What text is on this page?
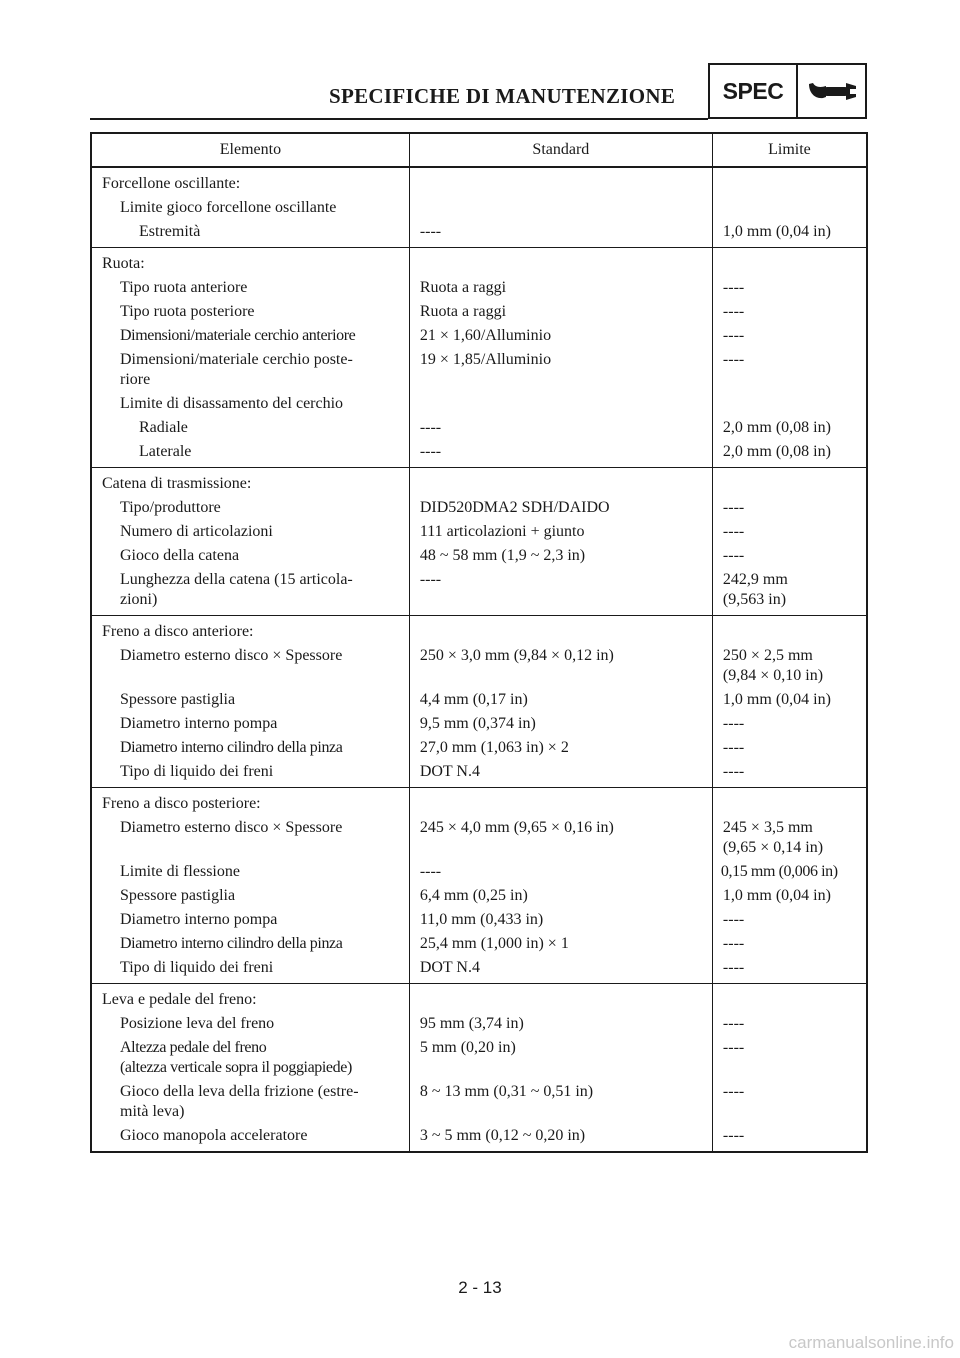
SPECIFICHE DI MANUTENZIONE	SPEC
Elemento	Standard	Limite
Forcellone oscillante:		
Limite gioco forcellone oscillante		
Estremità	----	1,0 mm (0,04 in)
Ruota:		
Tipo ruota anteriore	Ruota a raggi	----
Tipo ruota posteriore	Ruota a raggi	----
Dimensioni/materiale cerchio anteriore	21 × 1,60/Alluminio	----
Dimensioni/materiale cerchio poste-
riore	19 × 1,85/Alluminio	----
Limite di disassamento del cerchio		
Radiale	----	2,0 mm (0,08 in)
Laterale	----	2,0 mm (0,08 in)
Catena di trasmissione:		
Tipo/produttore	DID520DMA2 SDH/DAIDO	----
Numero di articolazioni	111 articolazioni + giunto	----
Gioco della catena	48 ~ 58 mm (1,9 ~ 2,3 in)	----
Lunghezza della catena (15 articola-
zioni)	----	242,9 mm
(9,563 in)
Freno a disco anteriore:		
Diametro esterno disco × Spessore	250 × 3,0 mm (9,84 × 0,12 in)	250 × 2,5 mm
(9,84 × 0,10 in)
Spessore pastiglia	4,4 mm (0,17 in)	1,0 mm (0,04 in)
Diametro interno pompa	9,5 mm (0,374 in)	----
Diametro interno cilindro della pinza	27,0 mm (1,063 in) × 2	----
Tipo di liquido dei freni	DOT N.4	----
Freno a disco posteriore:		
Diametro esterno disco × Spessore	245 × 4,0 mm (9,65 × 0,16 in)	245 × 3,5 mm
(9,65 × 0,14 in)
Limite di flessione	----	0,15 mm (0,006 in)
Spessore pastiglia	6,4 mm (0,25 in)	1,0 mm (0,04 in)
Diametro interno pompa	11,0 mm (0,433 in)	----
Diametro interno cilindro della pinza	25,4 mm (1,000 in) × 1	----
Tipo di liquido dei freni	DOT N.4	----
Leva e pedale del freno:		
Posizione leva del freno	95 mm (3,74 in)	----
Altezza pedale del freno
(altezza verticale sopra il poggiapiede)	5 mm (0,20 in)	----
Gioco della leva della frizione (estre-
mità leva)	8 ~ 13 mm (0,31 ~ 0,51 in)	----
Gioco manopola acceleratore	3 ~ 5 mm (0,12 ~ 0,20 in)	----
2 - 13
carmanualsonline.info
